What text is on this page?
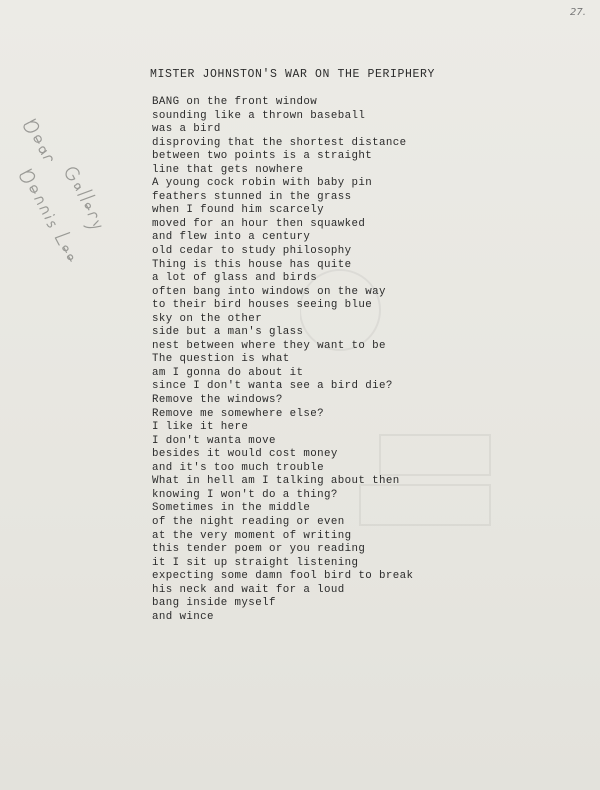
27.
MISTER JOHNSTON'S WAR ON THE PERIPHERY
BANG on the front window
sounding like a thrown baseball
was a bird
disproving that the shortest distance
between two points is a straight
line that gets nowhere
A young cock robin with baby pin
feathers stunned in the grass
when I found him scarcely
moved for an hour then squawked
and flew into a century
old cedar to study philosophy
Thing is this house has quite
a lot of glass and birds
often bang into windows on the way
to their bird houses seeing blue
sky on the other
side but a man's glass
nest between where they want to be
The question is what
am I gonna do about it
since I don't wanta see a bird die?
Remove the windows?
Remove me somewhere else?
I like it here
I don't wanta move
besides it would cost money
and it's too much trouble
What in hell am I talking about then
knowing I won't do a thing?
Sometimes in the middle
of the night reading or even
at the very moment of writing
this tender poem or you reading
it I sit up straight listening
expecting some damn fool bird to break
his neck and wait for a loud
bang inside myself
and wince
